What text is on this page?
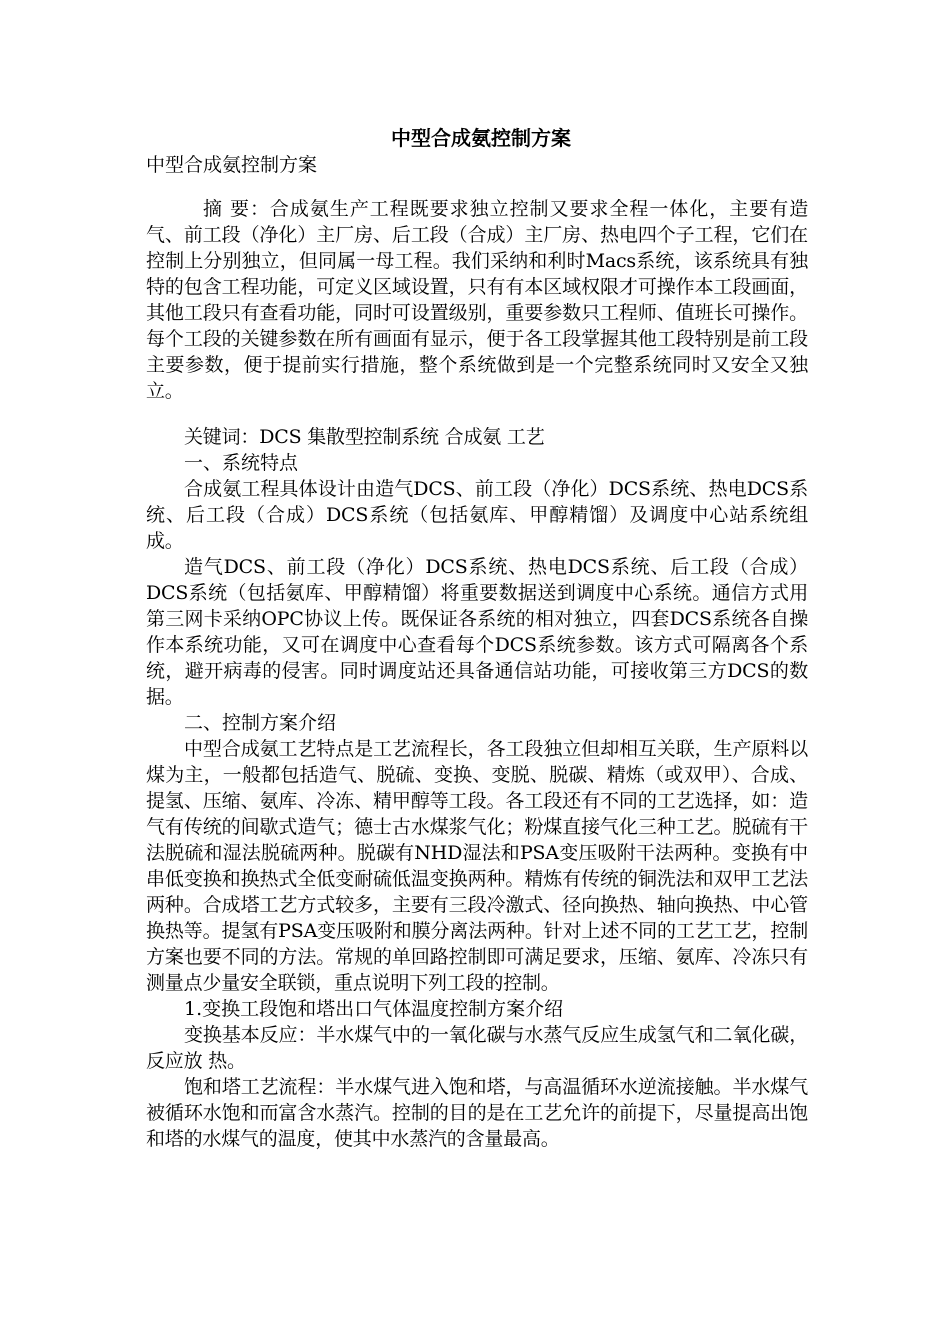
中型合成氨控制方案

中型合成氨控制方案

摘 要：合成氨生产工程既要求独立控制又要求全程一体化，主要有造气、前工段（净化）主厂房、后工段（合成）主厂房、热电四个子工程，它们在控制上分别独立，但同属一母工程。我们采纳和利时Macs系统，该系统具有独特的包含工程功能，可定义区域设置，只有有本区域权限才可操作本工段画面，其他工段只有查看功能，同时可设置级别，重要参数只工程师、值班长可操作。每个工段的关键参数在所有画面有显示，便于各工段掌握其他工段特别是前工段主要参数，便于提前实行措施，整个系统做到是一个完整系统同时又安全又独立。

关键词：DCS 集散型控制系统 合成氨 工艺

一、系统特点

合成氨工程具体设计由造气DCS、前工段（净化）DCS系统、热电DCS系统、后工段（合成）DCS系统（包括氨库、甲醇精馏）及调度中心站系统组成。

造气DCS、前工段（净化）DCS系统、热电DCS系统、后工段（合成）DCS系统（包括氨库、甲醇精馏）将重要数据送到调度中心系统。通信方式用第三网卡采纳OPC协议上传。既保证各系统的相对独立，四套DCS系统各自操作本系统功能，又可在调度中心查看每个DCS系统参数。该方式可隔离各个系统，避开病毒的侵害。同时调度站还具备通信站功能，可接收第三方DCS的数据。

二、控制方案介绍

中型合成氨工艺特点是工艺流程长，各工段独立但却相互关联，生产原料以煤为主，一般都包括造气、脱硫、变换、变脱、脱碳、精炼（或双甲）、合成、提氢、压缩、氨库、冷冻、精甲醇等工段。各工段还有不同的工艺选择，如：造气有传统的间歇式造气；德士古水煤浆气化；粉煤直接气化三种工艺。脱硫有干法脱硫和湿法脱硫两种。脱碳有NHD湿法和PSA变压吸附干法两种。变换有中串低变换和换热式全低变耐硫低温变换两种。精炼有传统的铜洗法和双甲工艺法两种。合成塔工艺方式较多，主要有三段冷激式、径向换热、轴向换热、中心管换热等。提氢有PSA变压吸附和膜分离法两种。针对上述不同的工艺工艺，控制方案也要不同的方法。常规的单回路控制即可满足要求，压缩、氨库、冷冻只有测量点少量安全联锁，重点说明下列工段的控制。

1.变换工段饱和塔出口气体温度控制方案介绍

变换基本反应：半水煤气中的一氧化碳与水蒸气反应生成氢气和二氧化碳，反应放 热。

饱和塔工艺流程：半水煤气进入饱和塔，与高温循环水逆流接触。半水煤气被循环水饱和而富含水蒸汽。控制的目的是在工艺允许的前提下，尽量提高出饱和塔的水煤气的温度，使其中水蒸汽的含量最高。
